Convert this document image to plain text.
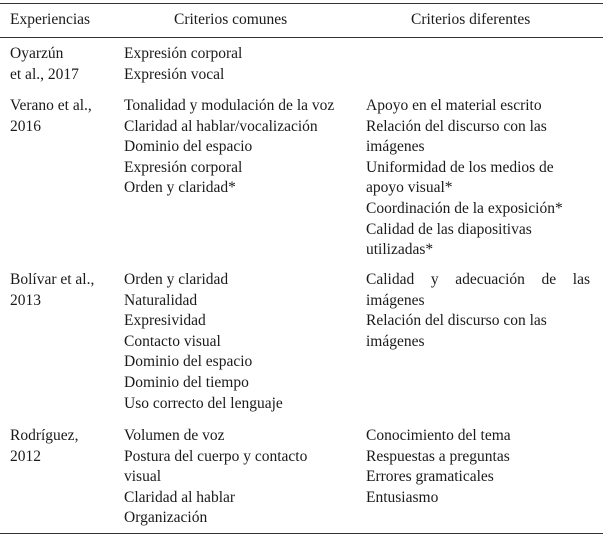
Experiencias	Criterios comunes	Criterios diferentes
Oyarzún
et al., 2017
Expresión corporal
Expresión vocal
Verano et al.,
2016
Tonalidad y modulación de la voz
Claridad al hablar/vocalización
Dominio del espacio
Expresión corporal
Orden y claridad*
Apoyo en el material escrito
Relación del discurso con las
imágenes
Uniformidad de los medios de
apoyo visual*
Coordinación de la exposición*
Calidad de las diapositivas
utilizadas*
Bolívar et al.,
2013
Orden y claridad
Naturalidad
Expresividad
Contacto visual
Dominio del espacio
Dominio del tiempo
Uso correcto del lenguaje
Calidad y adecuación de las
imágenes
Relación del discurso con las
imágenes
Rodríguez,
2012
Volumen de voz
Postura del cuerpo y contacto
visual
Claridad al hablar
Organización
Conocimiento del tema
Respuestas a preguntas
Errores gramaticales
Entusiasmo
